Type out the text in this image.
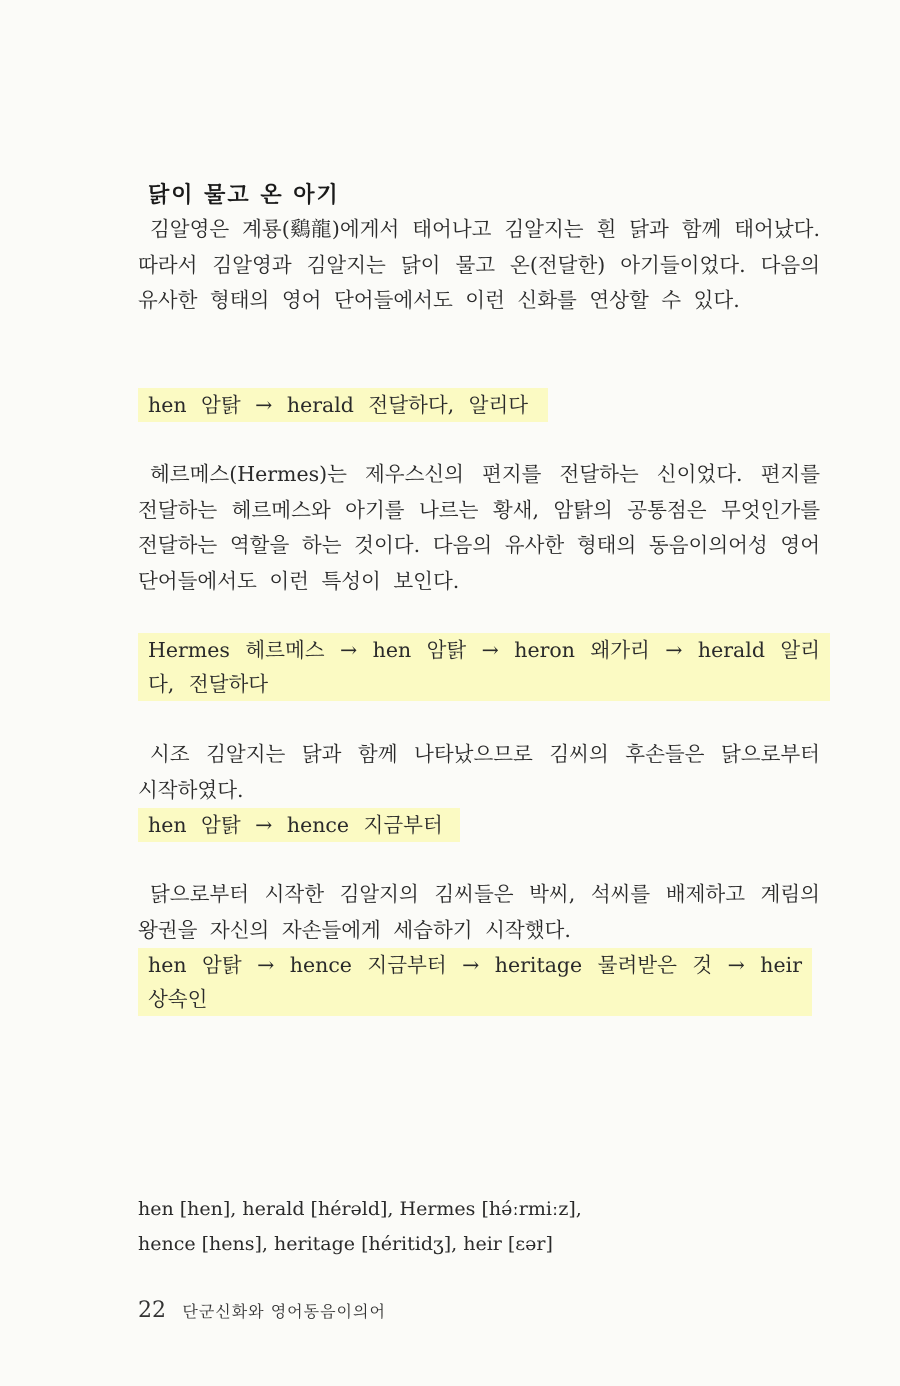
닭이 물고 온 아기

김알영은 계룡(鷄龍)에게서 태어나고 김알지는 흰 닭과 함께 태어났다. 따라서 김알영과 김알지는 닭이 물고 온(전달한) 아기들이었다. 다음의 유사한 형태의 영어 단어들에서도 이런 신화를 연상할 수 있다.

hen 암탉 → herald 전달하다, 알리다

헤르메스(Hermes)는 제우스신의 편지를 전달하는 신이었다. 편지를 전달하는 헤르메스와 아기를 나르는 황새, 암탉의 공통점은 무엇인가를 전달하는 역할을 하는 것이다. 다음의 유사한 형태의 동음이의어성 영어 단어들에서도 이런 특성이 보인다.

Hermes 헤르메스 → hen 암탉 → heron 왜가리 → herald 알리다, 전달하다

시조 김알지는 닭과 함께 나타났으므로 김씨의 후손들은 닭으로부터 시작하였다.

hen 암탉 → hence 지금부터

닭으로부터 시작한 김알지의 김씨들은 박씨, 석씨를 배제하고 계림의 왕권을 자신의 자손들에게 세습하기 시작했다.

hen 암탉 → hence 지금부터 → heritage 물려받은 것 → heir 상속인
hen [hen], herald [hérəld], Hermes [hə́ːrmiːz],
hence [hens], heritage [héritidʒ], heir [ɛər]
22 단군신화와 영어동음이의어
